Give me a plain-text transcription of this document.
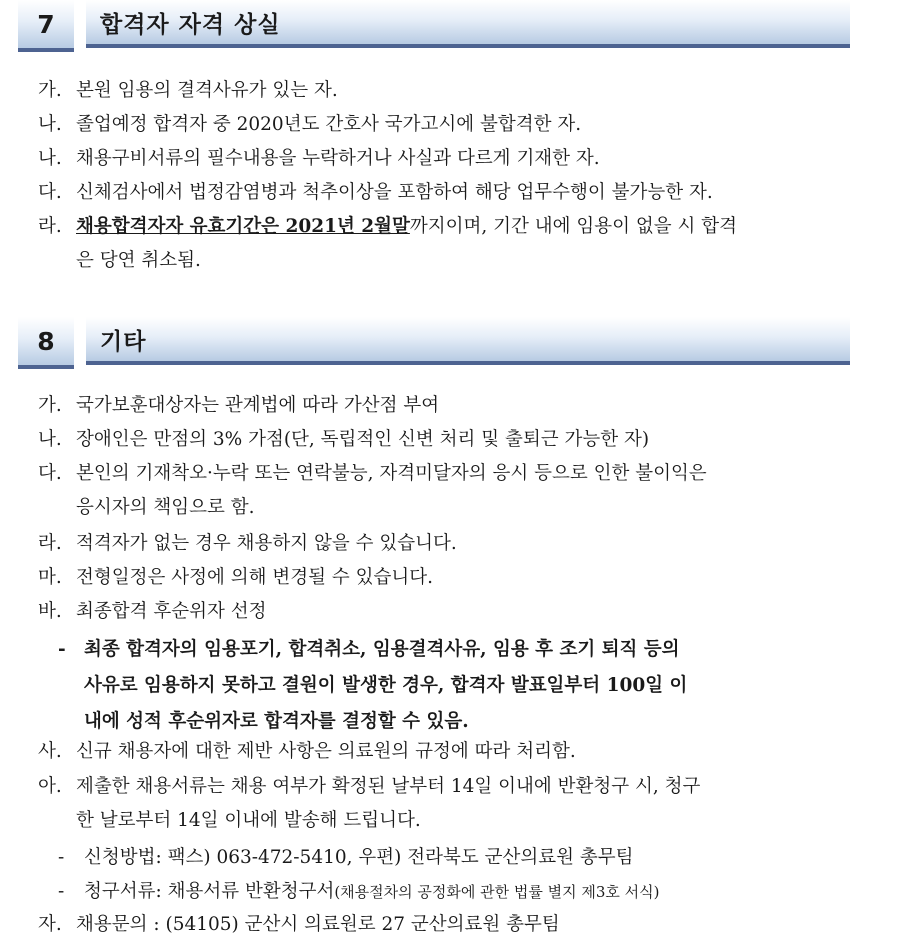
7	합격자 자격 상실
가. 본원 임용의 결격사유가 있는 자.
나. 졸업예정 합격자 중 2020년도 간호사 국가고시에 불합격한 자.
나. 채용구비서류의 필수내용을 누락하거나 사실과 다르게 기재한 자.
다. 신체검사에서 법정감염병과 척추이상을 포함하여 해당 업무수행이 불가능한 자.
라. 채용합격자자 유효기간은 2021년 2월말까지이며, 기간 내에 임용이 없을 시 합격
은 당연 취소됨.
8	기타
가. 국가보훈대상자는 관계법에 따라 가산점 부여
나. 장애인은 만점의 3% 가점(단, 독립적인 신변 처리 및 출퇴근 가능한 자)
다. 본인의 기재착오·누락 또는 연락불능, 자격미달자의 응시 등으로 인한 불이익은
응시자의 책임으로 함.
라. 적격자가 없는 경우 채용하지 않을 수 있습니다.
마. 전형일정은 사정에 의해 변경될 수 있습니다.
바. 최종합격 후순위자 선정
- 최종 합격자의 임용포기, 합격취소, 임용결격사유, 임용 후 조기 퇴직 등의
사유로 임용하지 못하고 결원이 발생한 경우, 합격자 발표일부터 100일 이
내에 성적 후순위자로 합격자를 결정할 수 있음.
사. 신규 채용자에 대한 제반 사항은 의료원의 규정에 따라 처리함.
아. 제출한 채용서류는 채용 여부가 확정된 날부터 14일 이내에 반환청구 시, 청구
한 날로부터 14일 이내에 발송해 드립니다.
- 신청방법: 팩스) 063-472-5410, 우편) 전라북도 군산의료원 총무팀
- 청구서류: 채용서류 반환청구서(채용절차의 공정화에 관한 법률 별지 제3호 서식)
자. 채용문의 : (54105) 군산시 의료원로 27 군산의료원 총무팀
